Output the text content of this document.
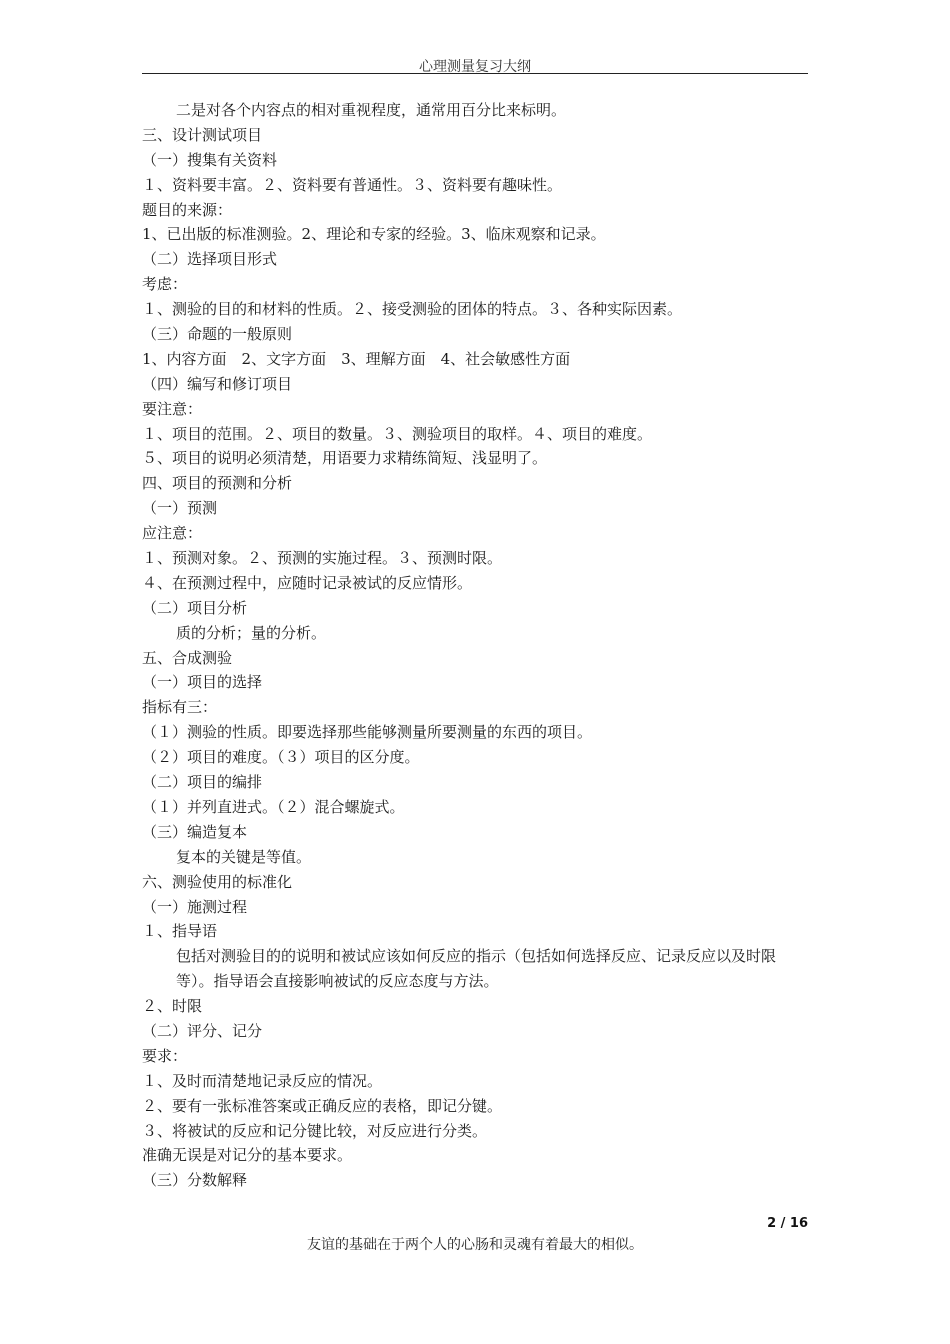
心理测量复习大纲
二是对各个内容点的相对重视程度，通常用百分比来标明。
三、设计测试项目
（一）搜集有关资料
１、资料要丰富。２、资料要有普通性。３、资料要有趣味性。
题目的来源：
1、已出版的标准测验。2、理论和专家的经验。3、临床观察和记录。
（二）选择项目形式
考虑：
１、测验的目的和材料的性质。２、接受测验的团体的特点。３、各种实际因素。
（三）命题的一般原则
1、内容方面　2、文字方面　3、理解方面　4、社会敏感性方面
（四）编写和修订项目
要注意：
１、项目的范围。２、项目的数量。３、测验项目的取样。４、项目的难度。
５、项目的说明必须清楚，用语要力求精练简短、浅显明了。
四、项目的预测和分析
（一）预测
应注意：
１、预测对象。２、预测的实施过程。３、预测时限。
４、在预测过程中，应随时记录被试的反应情形。
（二）项目分析
质的分析；量的分析。
五、合成测验
（一）项目的选择
指标有三：
（１）测验的性质。即要选择那些能够测量所要测量的东西的项目。
（２）项目的难度。（３）项目的区分度。
（二）项目的编排
（１）并列直进式。（２）混合螺旋式。
（三）编造复本
复本的关键是等值。
六、测验使用的标准化
（一）施测过程
１、指导语
包括对测验目的的说明和被试应该如何反应的指示（包括如何选择反应、记录反应以及时限等）。指导语会直接影响被试的反应态度与方法。
２、时限
（二）评分、记分
要求：
１、及时而清楚地记录反应的情况。
２、要有一张标准答案或正确反应的表格，即记分键。
３、将被试的反应和记分键比较，对反应进行分类。
准确无误是对记分的基本要求。
（三）分数解释
2 / 16
友谊的基础在于两个人的心肠和灵魂有着最大的相似。
